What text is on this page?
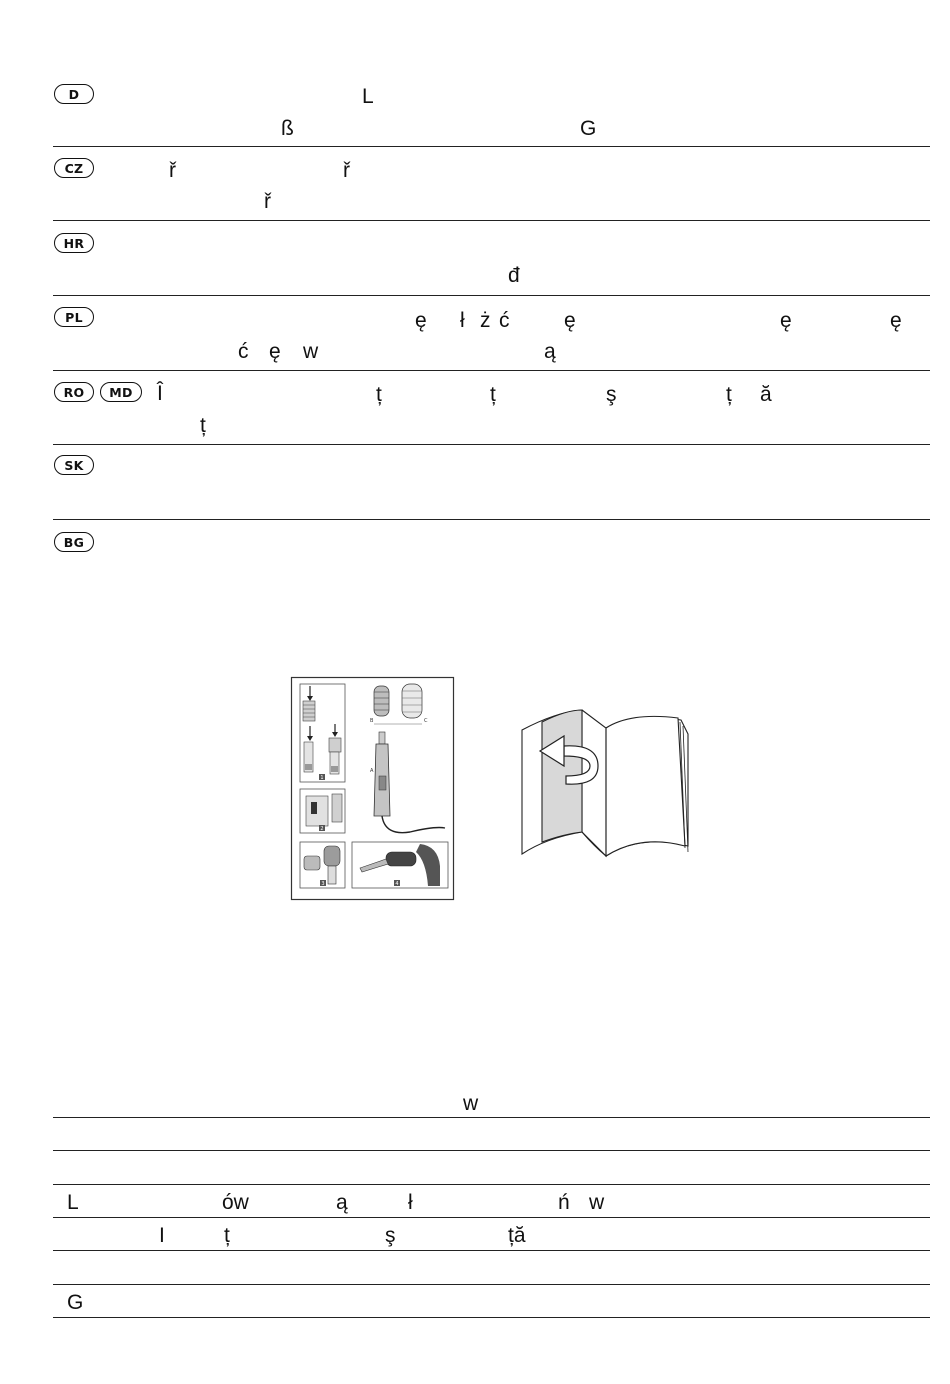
D	L
ß	G
CZ	ř	ř
ř
HR
đ
PL	ę ł ż ć	ę	ę	ę
ć ę w	ą
RO	MD	Î	ț	ț	ş	ț ă
ț
SK
BG
1
B	C
A
2
3	4
w
L	ów	ą	ł	ń w
I	ț	ş	ță
G
